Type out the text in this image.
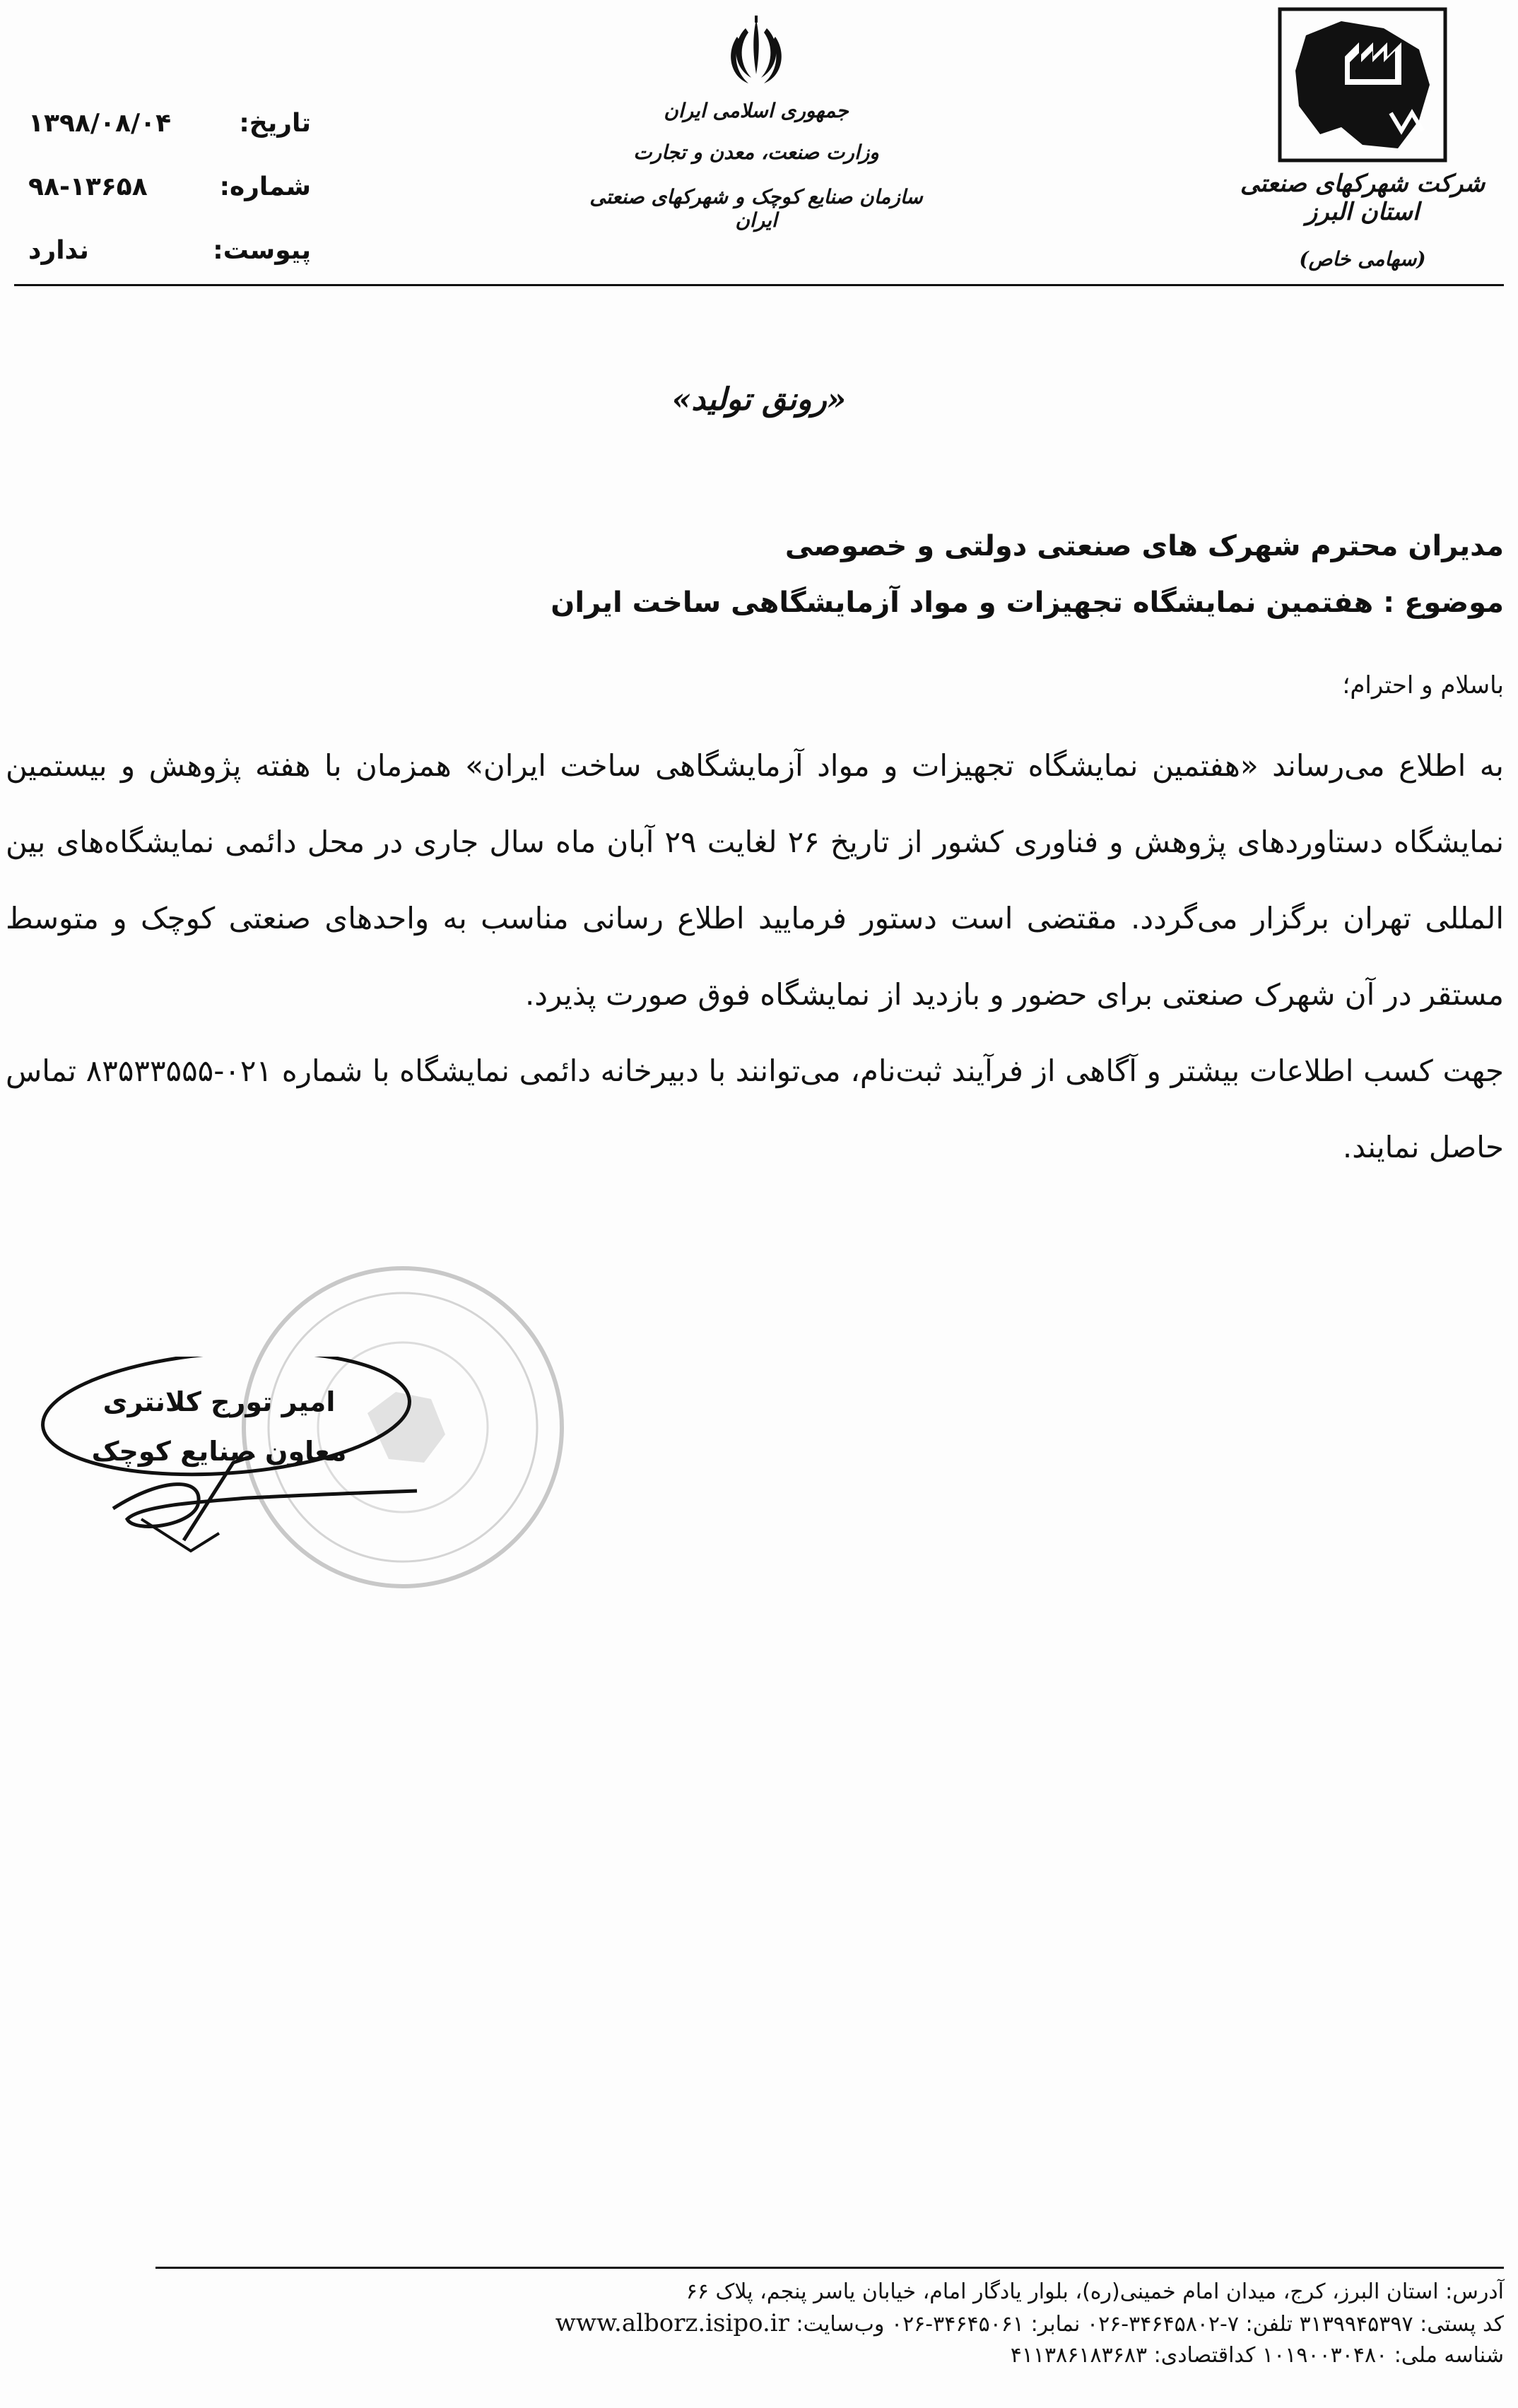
تاریخ:
۱۳۹۸/۰۸/۰۴
شماره:
۹۸-۱۳۶۵۸
پیوست:
ندارد
جمهوری اسلامی ایران
وزارت صنعت، معدن و تجارت
سازمان صنایع کوچک و شهرکهای صنعتی ایران
شرکت شهرکهای صنعتی استان البرز
(سهامی خاص)
«رونق تولید»
مدیران محترم شهرک های صنعتی دولتی و خصوصی
موضوع : هفتمین نمایشگاه تجهیزات و مواد آزمایشگاهی ساخت ایران
باسلام و احترام؛

به اطلاع می‌رساند «هفتمین نمایشگاه تجهیزات و مواد آزمایشگاهی ساخت ایران» همزمان با هفته پژوهش و بیستمین نمایشگاه دستاوردهای پژوهش و فناوری کشور از تاریخ ۲۶ لغایت ۲۹ آبان ماه سال جاری در محل دائمی نمایشگاه‌های بین المللی تهران برگزار می‌گردد. مقتضی است دستور فرمایید اطلاع رسانی مناسب به واحدهای صنعتی کوچک و متوسط مستقر در آن شهرک صنعتی برای حضور و بازدید از نمایشگاه فوق صورت پذیرد.

جهت کسب اطلاعات بیشتر و آگاهی از فرآیند ثبت‌نام، می‌توانند با دبیرخانه دائمی نمایشگاه با شماره ۰۲۱-۸۳۵۳۳۵۵۵ تماس حاصل نمایند.

امیر تورج کلانتری
معاون صنایع کوچک
آدرس: استان البرز، کرج، میدان امام خمینی(ره)، بلوار یادگار امام، خیابان یاسر پنجم، پلاک ۶۶
کد پستی: ۳۱۳۹۹۴۵۳۹۷ تلفن: ۷-۳۴۶۴۵۸۰۲-۰۲۶ نمابر: ۳۴۶۴۵۰۶۱-۰۲۶ وب‌سایت: www.alborz.isipo.ir
شناسه ملی: ۱۰۱۹۰۰۳۰۴۸۰ کداقتصادی: ۴۱۱۳۸۶۱۸۳۶۸۳
